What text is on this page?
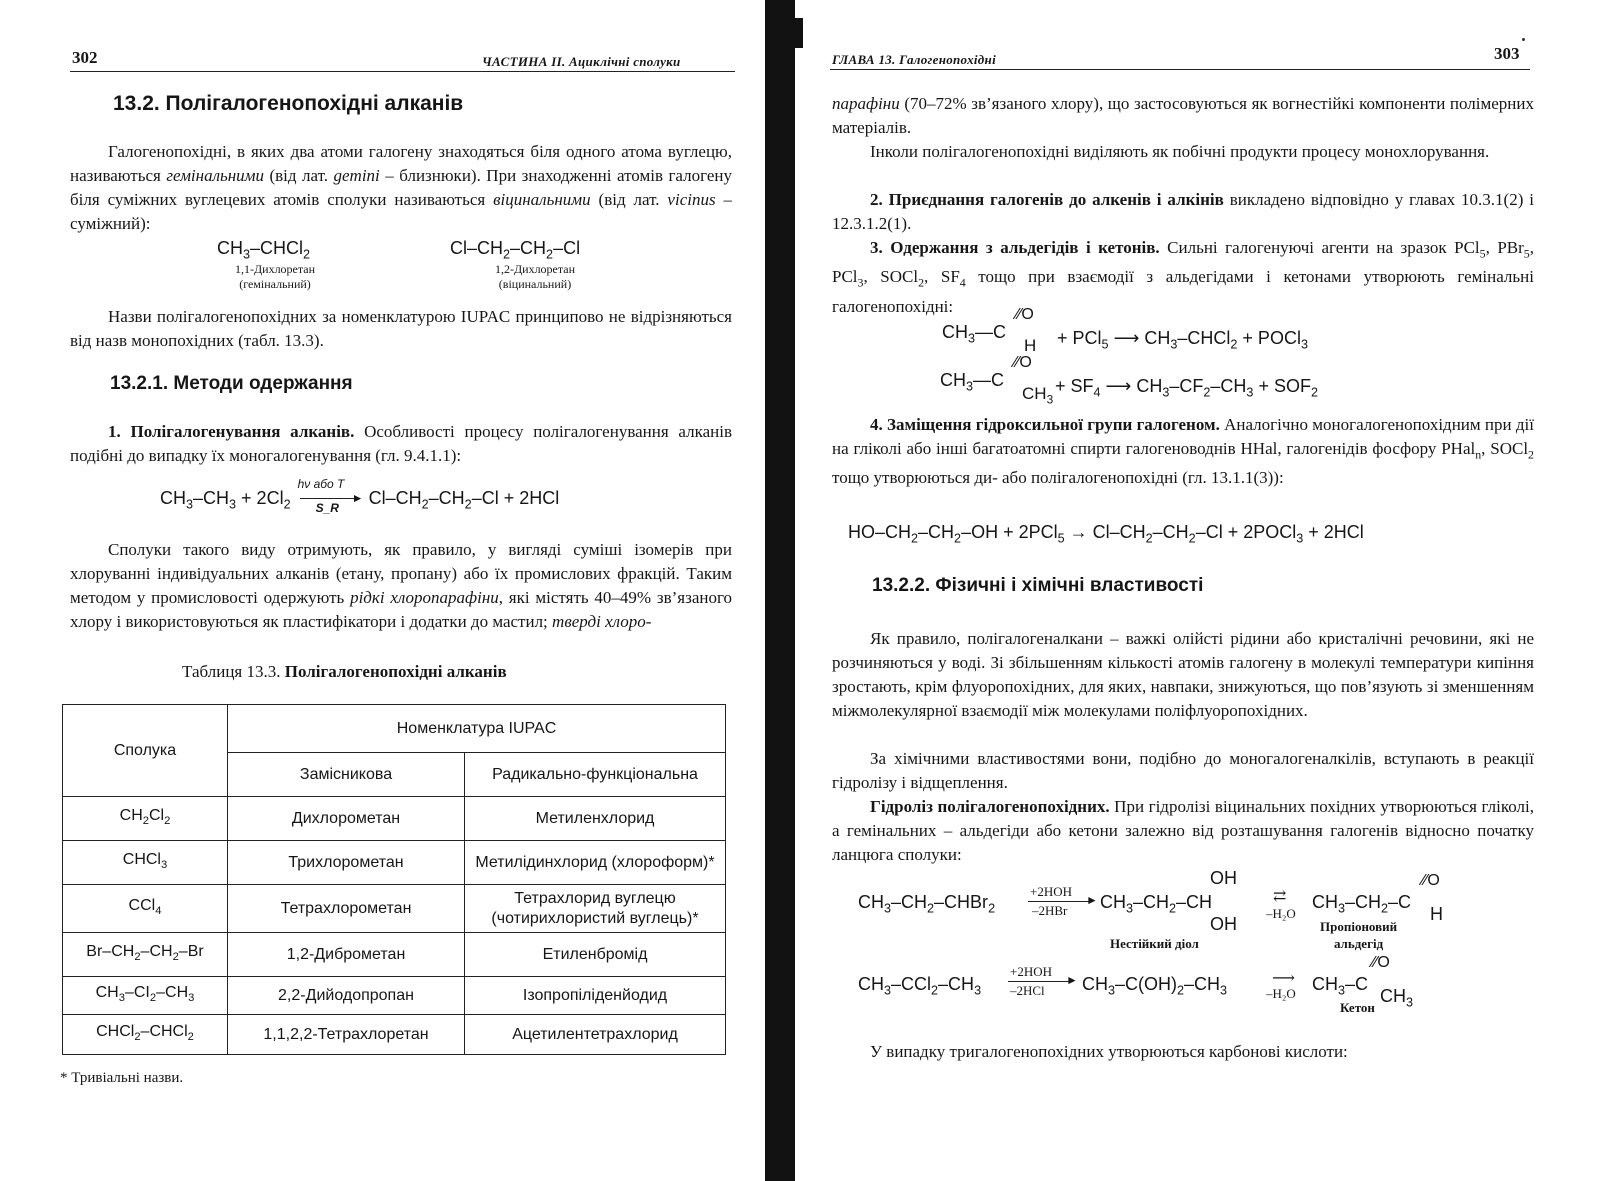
302	ЧАСТИНА ІІ. Ациклічні сполуки
13.2. Полігалогенопохідні алканів

Галогенопохідні, в яких два атоми галогену знаходяться біля одного атома вуглецю, називаються гемінальними (від лат. gemini – близнюки). При знаходженні атомів галогену біля суміжних вуглецевих атомів сполуки називаються віцинальними (від лат. vicinus – суміжний):

$CH_3-CHCl_2$
1,1-Дихлоретан
(гемінальний)
$Cl-CH_2-CH_2-Cl$
1,2-Дихлоретан
(віцинальний)

Назви полігалогенопохідних за номенклатурою IUPAC принципово не відрізняються від назв монопохідних (табл. 13.3).

13.2.1. Методи одержання

1. Полігалогенування алканів. Особливості процесу полігалогенування алканів подібні до випадку їх моногалогенування (гл. 9.4.1.1):

$CH_3-CH_3 + 2Cl_2$
hν або T
►
S_R
$Cl-CH_2-CH_2-Cl + 2HCl$

Сполуки такого виду отримують, як правило, у вигляді суміші ізомерів при хлоруванні індивідуальних алканів (етану, пропану) або їх промислових фракцій. Таким методом у промисловості одержують рідкі хлоропарафіни, які містять 40–49% зв’язаного хлору і використовуються як пластифікатори і додатки до мастил; тверді хлоро-

Таблиця 13.3. Полігалогенопохідні алканів
Сполука	Номенклатура IUPAC	
	Замісникова	Радикально-функціональна
$CH_2Cl_2$	Дихлорометан	Метиленхлорид
CHCl$_3$	Трихлорометан	Метилідинхлорид (хлороформ)*
CCl$_4$	Тетрахлорометан	Тетрахлорид вуглецю (чотирихлористий вуглець)*
$Br-CH_2-CH_2-Br$	1,2-Диброметан	Етиленбромід
$CH_3-CI_2-CH_3$	2,2-Дийодопропан	Ізопропіліденйодид
CHCl$_2$–CHCl$_2$	1,1,2,2-Тетрахлоретан	Ацетилентетрахлорид
* Тривіальні назви.
ГЛАВА 13. Галогенопохідні	303

парафіни (70–72% зв’язаного хлору), що застосовуються як вогнестійкі компоненти полімерних матеріалів.

Інколи полігалогенопохідні виділяють як побічні продукти процесу монохлорування.

2. Приєднання галогенів до алкенів і алкінів викладено відповідно у главах 10.3.1(2) і 12.3.1.2(1).

3. Одержання з альдегідів і кетонів. Сильні галогенуючі агенти на зразок PCl$_5$, PBr$_5$, PCl$_3$, SOCl$_2$, $SF_4$ тощо при взаємодії з альдегідами і кетонами утворюють гемінальні галогенопохідні:

$CH_3—C$
⁄⁄O
H + PCl$_5$ ⟶ $CH_3-CHCl_2$ + POCl$_3$
$CH_3—C$
⁄⁄O
$CH_3$
+ $SF_4$ ⟶ $CH_3-CF_2-CH_3 + SOF_2$

4. Заміщення гідроксильної групи галогеном. Аналогічно моногалогенопохідним при дії на гліколі або інші багатоатомні спирти галогеноводнів HHal, галогенідів фосфору PHal$_n$, SOCl$_2$ тощо утворюються ди- або полігалогенопохідні (гл. 13.1.1(3)):

$HO-CH_2-CH_2-OH + 2PCl_5 \to Cl-CH_2-CH_2-Cl$ + 2POCl$_3$ + 2HCl
13.2.2. Фізичні і хімічні властивості

Як правило, полігалогеналкани – важкі олійсті рідини або кристалічні речовини, які не розчиняються у воді. Зі збільшенням кількості атомів галогену в молекулі температури кипіння зростають, крім флуоропохідних, для яких, навпаки, знижуються, що пов’язують зі зменшенням міжмолекулярної взаємодії між молекулами поліфлуоропохідних.

За хімічними властивостями вони, подібно до моногалогеналкілів, вступають в реакції гідролізу і відщеплення.

Гідроліз полігалогенопохідних. При гідролізі віцинальних похідних утворюються гліколі, а гемінальних – альдегіди або кетони залежно від розташування галогенів відносно початку ланцюга сполуки:

$CH_3-CH_2-CHBr_2$
+2HOH
►
–2HBr $CH_3-CH_2-CH$
OH
OH
Нестійкий діол
⇄
–H₂O
$CH_3-CH_2-C$
⁄⁄O
H
Пропіоновий
альдегід
$CH_3-CCl_2-CH_3$
+2HOH
►
–2HCl $CH_3-C(OH)_2-CH_3$
⟶
–H₂O $CH_3-C$
⁄⁄O
$CH_3$
Кетон

У випадку тригалогенопохідних утворюються карбонові кислоти:
